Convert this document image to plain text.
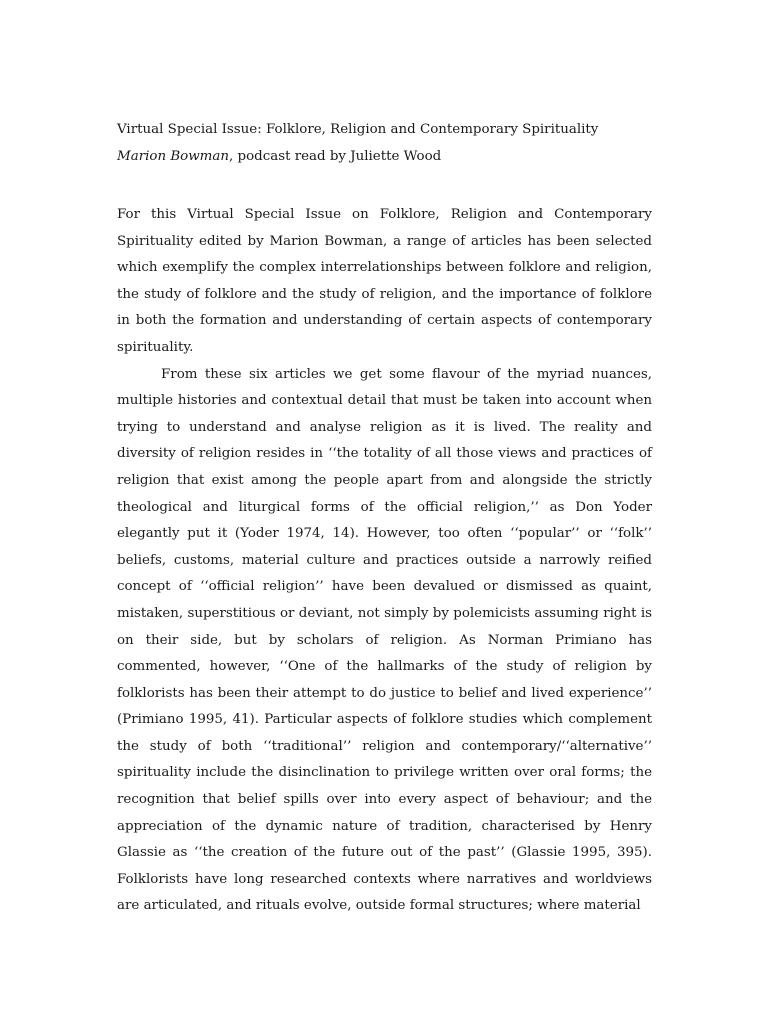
Virtual Special Issue: Folklore, Religion and Contemporary Spirituality
Marion Bowman, podcast read by Juliette Wood

For this Virtual Special Issue on Folklore, Religion and Contemporary Spirituality edited by Marion Bowman, a range of articles has been selected which exemplify the complex interrelationships between folklore and religion, the study of folklore and the study of religion, and the importance of folklore in both the formation and understanding of certain aspects of contemporary spirituality.

From these six articles we get some flavour of the myriad nuances, multiple histories and contextual detail that must be taken into account when trying to understand and analyse religion as it is lived. The reality and diversity of religion resides in ‘‘the totality of all those views and practices of religion that exist among the people apart from and alongside the strictly theological and liturgical forms of the official religion,’’ as Don Yoder elegantly put it (Yoder 1974, 14). However, too often ‘‘popular’’ or ‘‘folk’’ beliefs, customs, material culture and practices outside a narrowly reified concept of ‘‘official religion’’ have been devalued or dismissed as quaint, mistaken, superstitious or deviant, not simply by polemicists assuming right is on their side, but by scholars of religion. As Norman Primiano has commented, however, ‘‘One of the hallmarks of the study of religion by folklorists has been their attempt to do justice to belief and lived experience’’ (Primiano 1995, 41). Particular aspects of folklore studies which complement the study of both ‘‘traditional’’ religion and contemporary/‘‘alternative’’ spirituality include the disinclination to privilege written over oral forms; the recognition that belief spills over into every aspect of behaviour; and the appreciation of the dynamic nature of tradition, characterised by Henry Glassie as ‘‘the creation of the future out of the past’’ (Glassie 1995, 395). Folklorists have long researched contexts where narratives and worldviews are articulated, and rituals evolve, outside formal structures; where material
